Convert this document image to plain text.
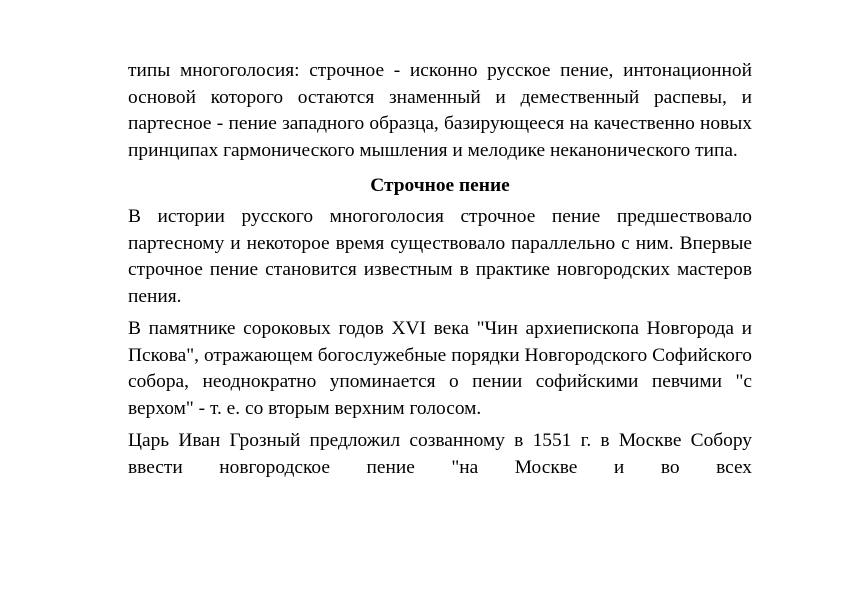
типы многоголосия: строчное - исконно русское пение, интонационной основой которого остаются знаменный и демественный распевы, и партесное - пение западного образца, базирующееся на качественно новых принципах гармонического мышления и мелодике неканонического типа.

Строчное пение

В истории русского многоголосия строчное пение предшествовало партесному и некоторое время существовало параллельно с ним. Впервые строчное пение становится известным в практике новгородских мастеров пения.

В памятнике сороковых годов XVI века "Чин архиепископа Новгорода и Пскова", отражающем богослужебные порядки Новгородского Софийского собора, неоднократно упоминается о пении софийскими певчими "с верхом" - т. е. со вторым верхним голосом.

Царь Иван Грозный предложил созванному в 1551 г. в Москве Собору ввести новгородское пение "на Москве и во всех
